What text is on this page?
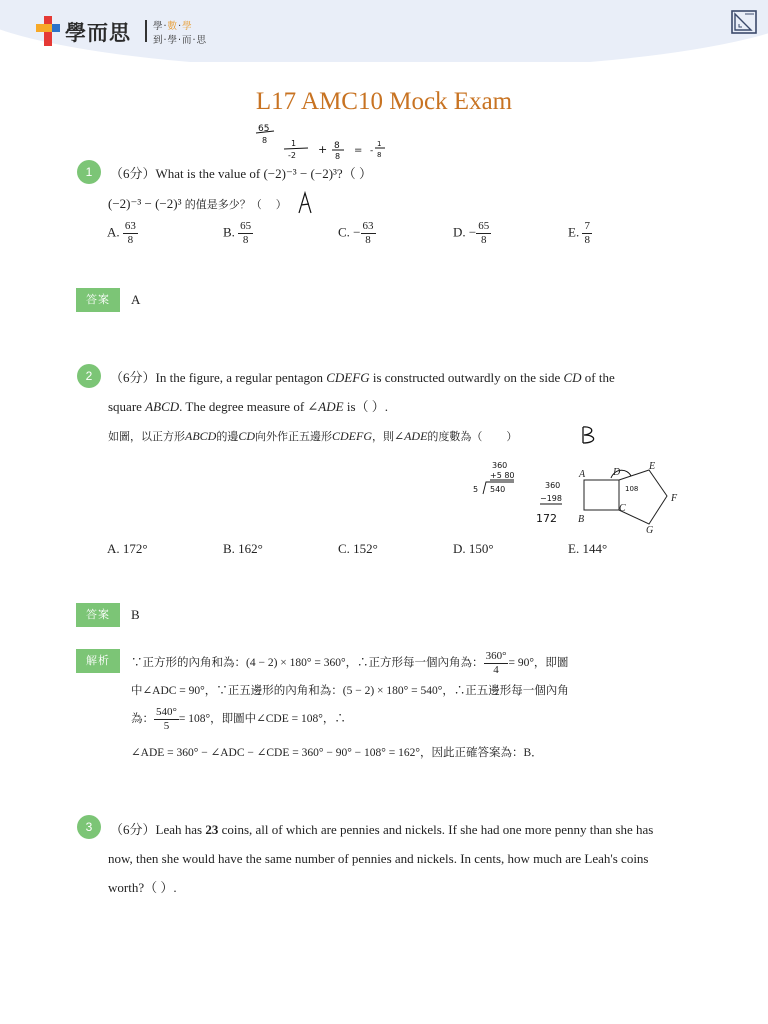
學而思 學·數·學
到·學·而·思
L17 AMC10 Mock Exam
65
8	1
-2 + 8
8
= -
1
8
1	（6分）What is the value of (−2)⁻³ − (−2)³?（ ）
(−2)⁻³ − (−2)³ 的值是多少？（ ）
A. $\frac{63}{8}$	B. $\frac{65}{8}$	C. − $\frac{63}{8}$	D. − $\frac{65}{8}$	E. $\frac{7}{8}$
答案	A
2	（6分）In the figure, a regular pentagon CDEFG is constructed outwardly on the side CD of the
square ABCD. The degree measure of ∠ADE is（ ）.
如圖，以正方形ABCD的邊CD向外作正五邊形CDEFG，則∠ADE的度數為（ ）
360
+5 80
5 540	360
−198
172
A	D
E
F
G
C
B
108
A. 172°	B. 162°	C. 152°	D. 150°	E. 144°
答案	B
解析	∵正方形的內角和為：(4 − 2) × 180° = 360°，∴正方形每一個內角為： $\frac{360^\circ}{4} = 90^\circ$，即圖
中∠ADC = 90°，∵正五邊形的內角和為：(5 − 2) × 180° = 540°，∴正五邊形每一個內角
為： $\frac{540^\circ}{5} = 108^\circ$，即圖中∠CDE = 108°，∴
∠ADE = 360° − ∠ADC − ∠CDE = 360° − 90° − 108° = 162°，因此正確答案為：B．
3	（6分）Leah has 23 coins, all of which are pennies and nickels. If she had one more penny than she has
now, then she would have the same number of pennies and nickels. In cents, how much are Leah's coins
worth?（ ）.
